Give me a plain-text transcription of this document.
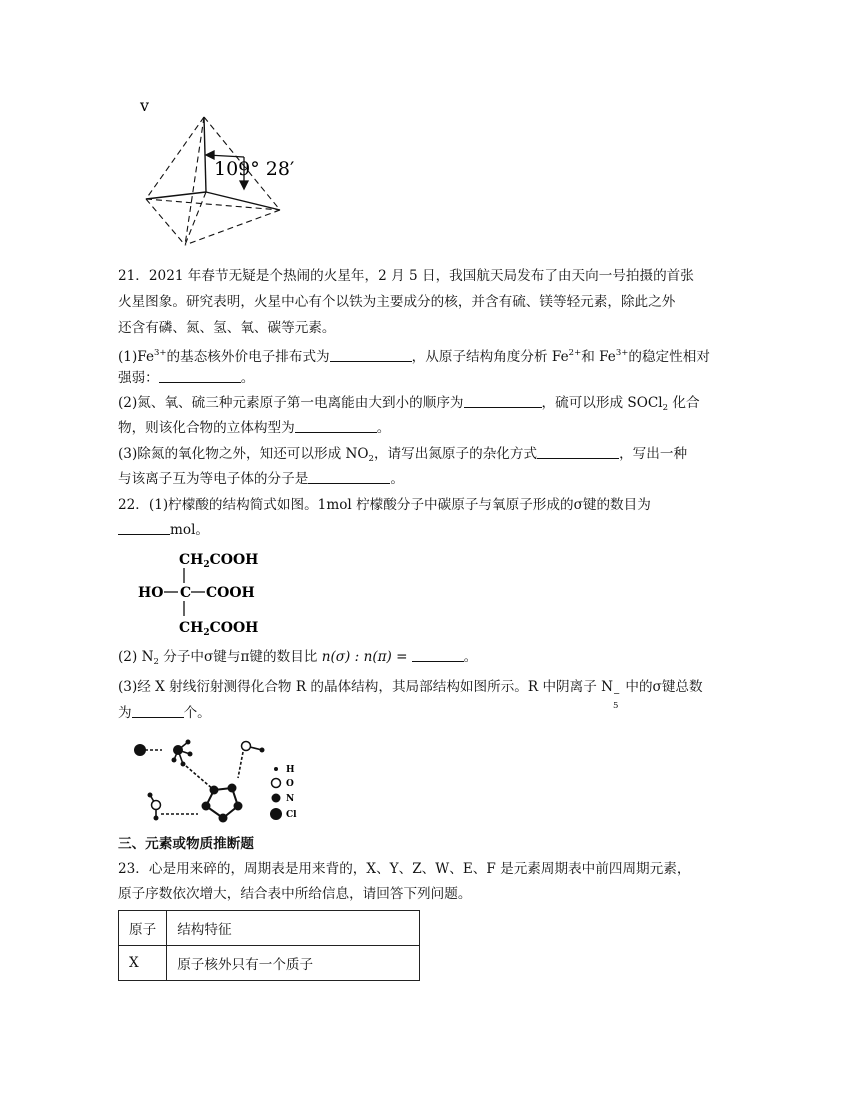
v
109° 28′
21．2021 年春节无疑是个热闹的火星年，2 月 5 日，我国航天局发布了由天向一号拍摄的首张
火星图象。研究表明，火星中心有个以铁为主要成分的核，并含有硫、镁等轻元素，除此之外
还含有磷、氮、氢、氧、碳等元素。
$(1)Fe^{3+}$的基态核外价电子排布式为	，从原子结构角度分析 $Fe^{2+}$和 $Fe^{3+}$的稳定性相对
强弱：	。
(2)氮、氧、硫三种元素原子第一电离能由大到小的顺序为	，硫可以形成 SOCl$_2$ 化合
物，则该化合物的立体构型为	。
(3)除氮的氧化物之外，知还可以形成 $NO_2$，请写出氮原子的杂化方式	，写出一种
与该离子互为等电子体的分子是	。
22．(1)柠檬酸的结构简式如图。1mol 柠檬酸分子中碳原子与氧原子形成的σ键的数目为
mol。
$CH_2COOH$
HO C COOH
$CH_2COOH$
(2) $N_2$ 分子中σ键与π键的数目比 n(σ) : n(π) =	。
(3)经 X 射线衍射测得化合物 R 的晶体结构，其局部结构如图所示。R 中阴离子 N −
5
中的σ键总数
为	个。
H
O
N
Cl
三、元素或物质推断题
23．心是用来碎的，周期表是用来背的，X、Y、Z、W、E、F 是元素周期表中前四周期元素，
原子序数依次增大，结合表中所给信息，请回答下列问题。
原子	结构特征
X	原子核外只有一个质子
